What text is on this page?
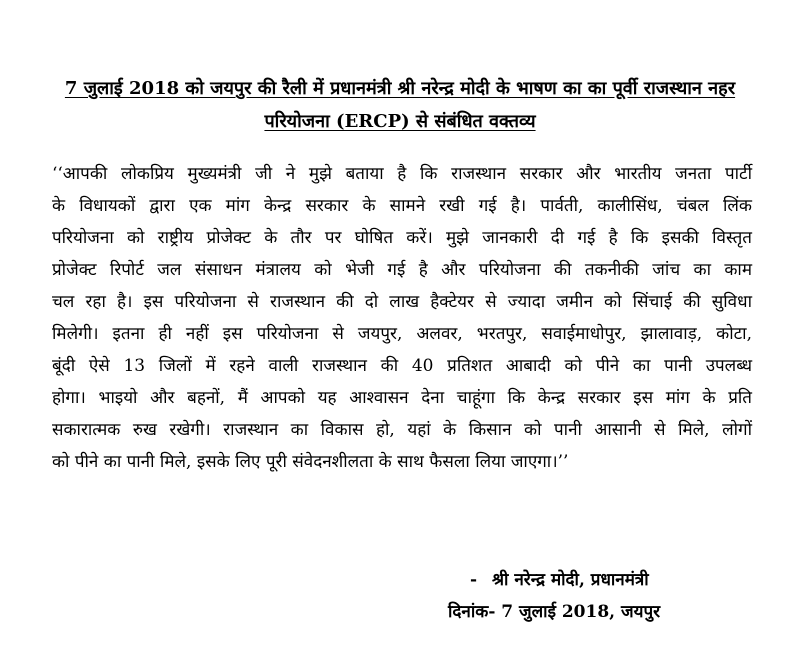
7 जुलाई 2018 को जयपुर की रैली में प्रधानमंत्री श्री नरेन्द्र मोदी के भाषण का का पूर्वी राजस्थान नहर
परियोजना (ERCP) से संबंधित वक्तव्य
‘‘आपकी लोकप्रिय मुख्यमंत्री जी ने मुझे बताया है कि राजस्थान सरकार और भारतीय जनता पार्टी
के विधायकों द्वारा एक मांग केन्द्र सरकार के सामने रखी गई है। पार्वती, कालीसिंध, चंबल लिंक
परियोजना को राष्ट्रीय प्रोजेक्ट के तौर पर घोषित करें। मुझे जानकारी दी गई है कि इसकी विस्तृत
प्रोजेक्ट रिपोर्ट जल संसाधन मंत्रालय को भेजी गई है और परियोजना की तकनीकी जांच का काम
चल रहा है। इस परियोजना से राजस्थान की दो लाख हैक्टेयर से ज्यादा जमीन को सिंचाई की सुविधा
मिलेगी। इतना ही नहीं इस परियोजना से जयपुर, अलवर, भरतपुर, सवाईमाधोपुर, झालावाड़, कोटा,
बूंदी ऐसे 13 जिलों में रहने वाली राजस्थान की 40 प्रतिशत आबादी को पीने का पानी उपलब्ध
होगा। भाइयो और बहनों, मैं आपको यह आश्वासन देना चाहूंगा कि केन्द्र सरकार इस मांग के प्रति
सकारात्मक रुख रखेगी। राजस्थान का विकास हो, यहां के किसान को पानी आसानी से मिले, लोगों
को पीने का पानी मिले, इसके लिए पूरी संवेदनशीलता के साथ फैसला लिया जाएगा।’’
- श्री नरेन्द्र मोदी, प्रधानमंत्री
दिनांक- 7 जुलाई 2018, जयपुर
